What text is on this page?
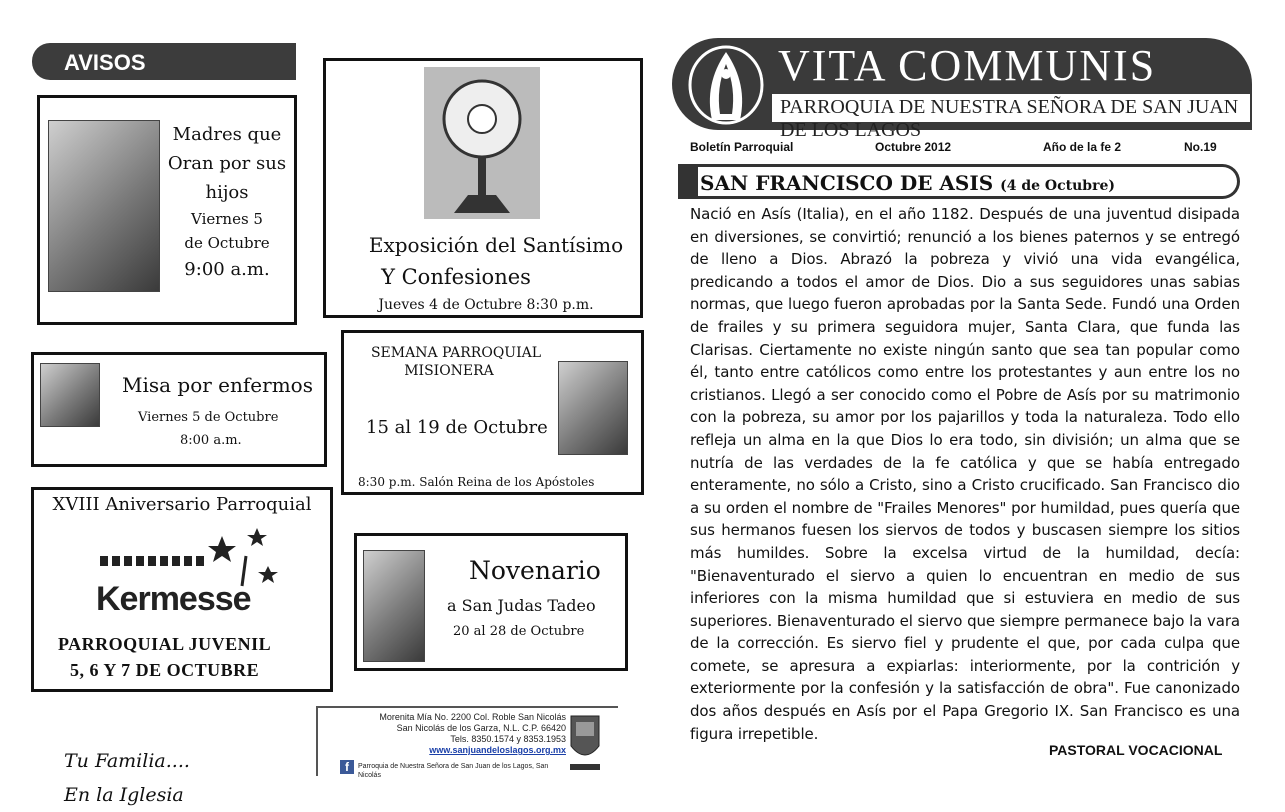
AVISOS
Madres que
Oran por sus
hijos
Viernes 5
de Octubre
9:00 a.m.
Exposición del Santísimo
Y Confesiones
Jueves 4 de Octubre 8:30 p.m.
Misa por enfermos
Viernes 5 de Octubre
8:00 a.m.
SEMANA PARROQUIAL
MISIONERA
15 al 19 de Octubre
8:30 p.m. Salón Reina de los Apóstoles
XVIII Aniversario Parroquial
Kermesse
PARROQUIAL JUVENIL
5, 6 Y 7 DE OCTUBRE
Novenario
a San Judas Tadeo
20 al 28 de Octubre
Morenita Mía No. 2200 Col. Roble San Nicolás
San Nicolás de los Garza, N.L. C.P. 66420
Tels. 8350.1574 y 8353.1953
www.sanjuandeloslagos.org.mx
f	Parroquia de Nuestra Señora de San Juan de los Lagos, San Nicolás
Tu Familia....
En la Iglesia
VITA COMMUNIS
PARROQUIA DE NUESTRA SEÑORA DE SAN JUAN DE LOS LAGOS
Boletín Parroquial	Octubre 2012	Año de la fe 2	No.19
SAN FRANCISCO DE ASIS (4 de Octubre)
Nació en Asís (Italia), en el año 1182. Después de una juventud disipada en diversiones, se convirtió; renunció a los bienes paternos y se entregó de lleno a Dios. Abrazó la pobreza y vivió una vida evangélica, predicando a todos el amor de Dios. Dio a sus seguidores unas sabias normas, que luego fueron aprobadas por la Santa Sede. Fundó una Orden de frailes y su primera seguidora mujer, Santa Clara, que funda las Clarisas. Ciertamente no existe ningún santo que sea tan popular como él, tanto entre católicos como entre los protestantes y aun entre los no cristianos. Llegó a ser conocido como el Pobre de Asís por su matrimonio con la pobreza, su amor por los pajarillos y toda la naturaleza. Todo ello refleja un alma en la que Dios lo era todo, sin división; un alma que se nutría de las verdades de la fe católica y que se había entregado enteramente, no sólo a Cristo, sino a Cristo crucificado. San Francisco dio a su orden el nombre de "Frailes Menores" por humildad, pues quería que sus hermanos fuesen los siervos de todos y buscasen siempre los sitios más humildes. Sobre la excelsa virtud de la humildad, decía: "Bienaventurado el siervo a quien lo encuentran en medio de sus inferiores con la misma humildad que si estuviera en medio de sus superiores. Bienaventurado el siervo que siempre permanece bajo la vara de la corrección. Es siervo fiel y prudente el que, por cada culpa que comete, se apresura a expiarlas: interiormente, por la contrición y exteriormente por la confesión y la satisfacción de obra". Fue canonizado dos años después en Asís por el Papa Gregorio IX. San Francisco es una figura irrepetible.
PASTORAL VOCACIONAL
